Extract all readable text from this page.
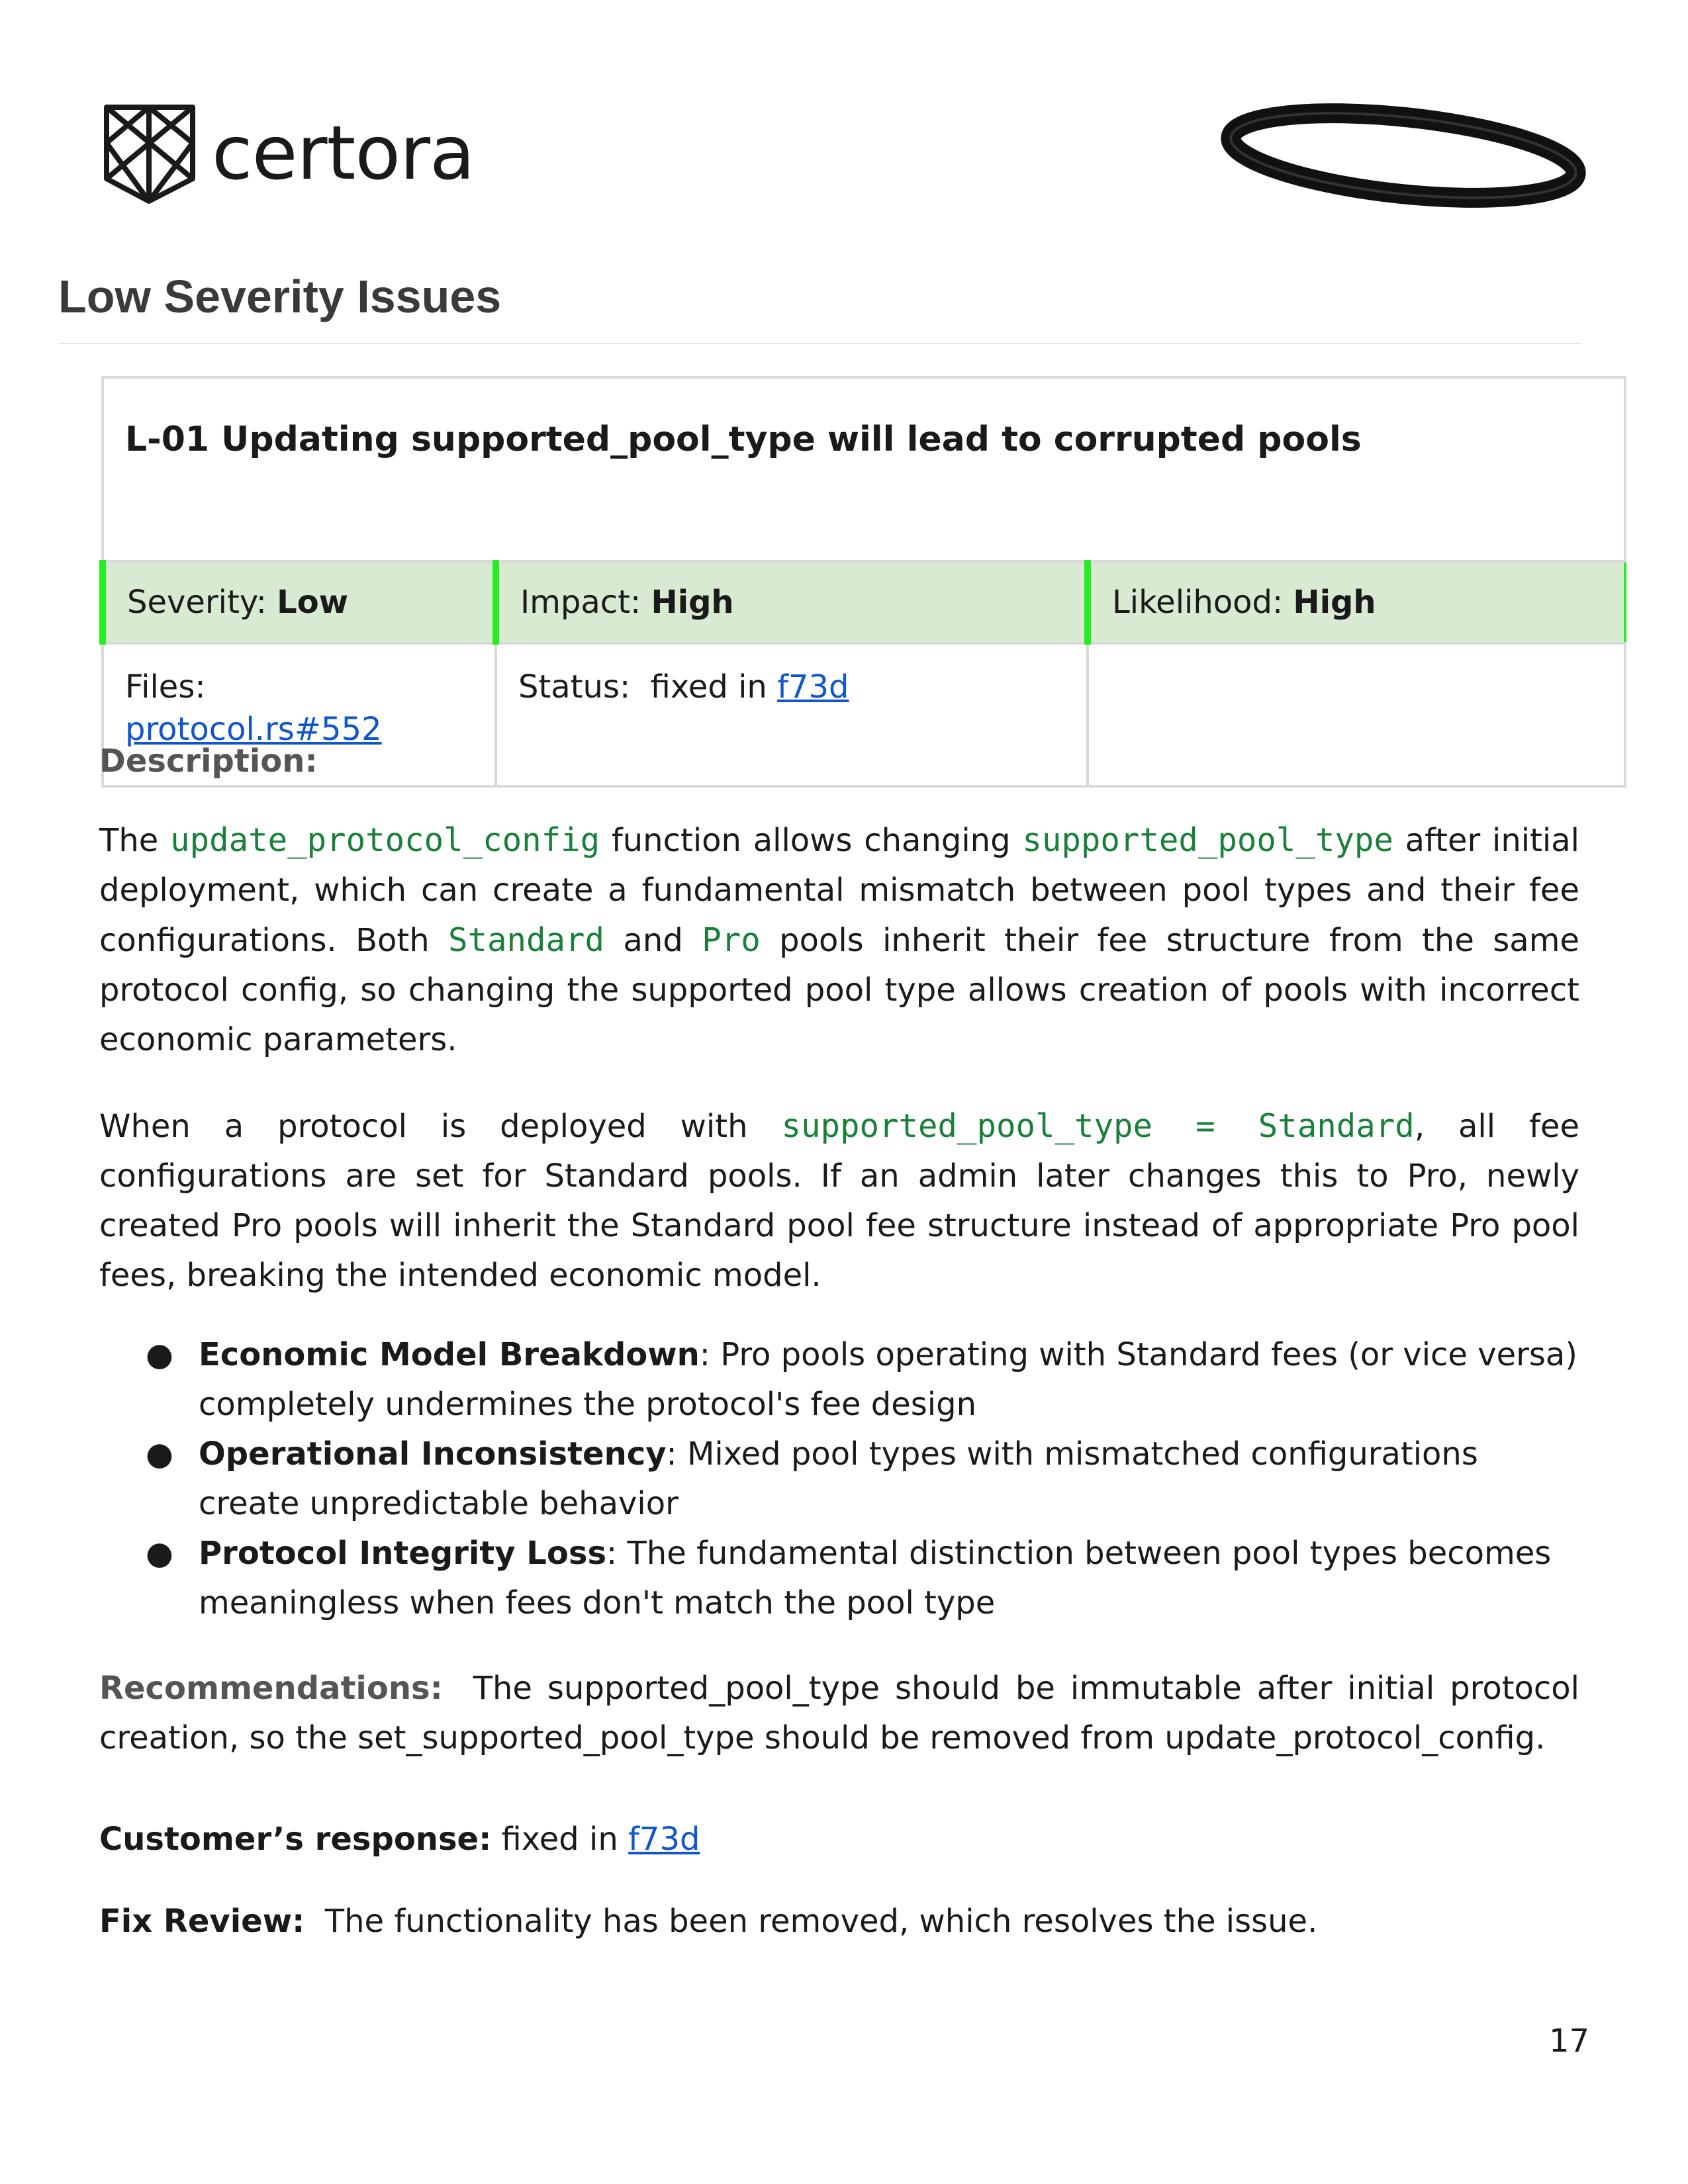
certora
Low Severity Issues
L-01 Updating supported_pool_type will lead to corrupted pools		
Severity: Low	Impact: High	Likelihood: High

Files:
protocol.rs#552	Status:  fixed in f73d	
Description:

The update_protocol_config function allows changing supported_pool_type after initial deployment, which can create a fundamental mismatch between pool types and their fee configurations. Both Standard and Pro pools inherit their fee structure from the same protocol config, so changing the supported pool type allows creation of pools with incorrect economic parameters.

When a protocol is deployed with supported_pool_type = Standard, all fee configurations are set for Standard pools. If an admin later changes this to Pro, newly created Pro pools will inherit the Standard pool fee structure instead of appropriate Pro pool fees, breaking the intended economic model.

● Economic Model Breakdown: Pro pools operating with Standard fees (or vice versa) completely undermines the protocol's fee design
● Operational Inconsistency: Mixed pool types with mismatched configurations create unpredictable behavior
● Protocol Integrity Loss: The fundamental distinction between pool types becomes meaningless when fees don't match the pool type

Recommendations:  The supported_pool_type should be immutable after initial protocol creation, so the set_supported_pool_type should be removed from update_protocol_config.

Customer’s response: fixed in f73d

Fix Review:  The functionality has been removed, which resolves the issue.

17
